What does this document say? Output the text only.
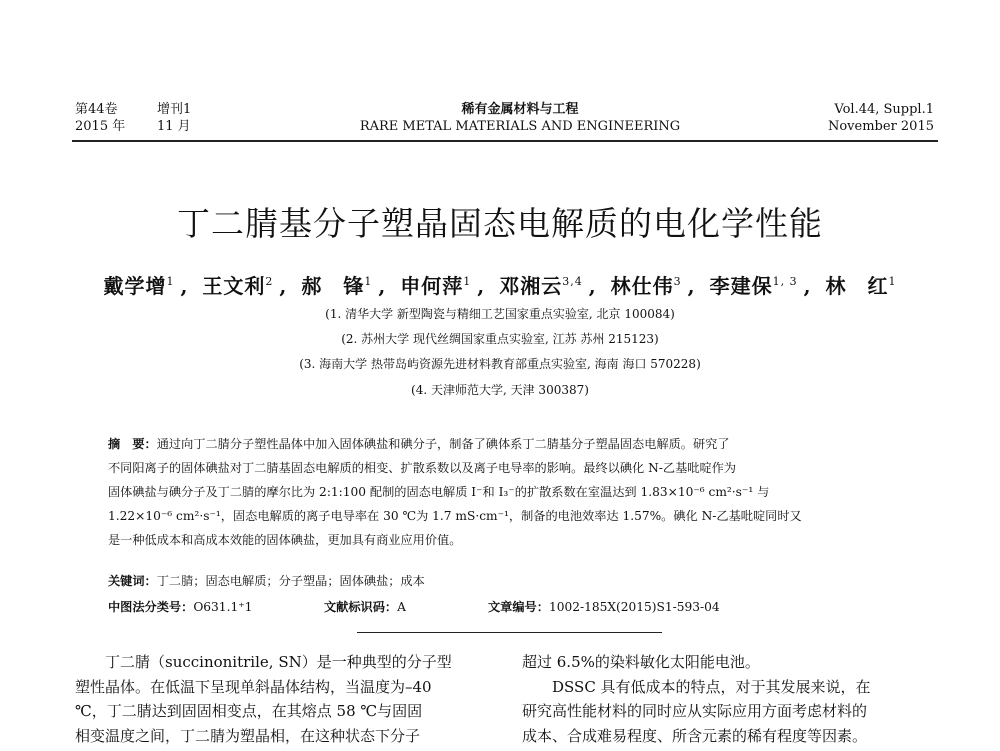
第44卷	增刊1
2015 年 11 月
稀有金属材料与工程
RARE METAL MATERIALS AND ENGINEERING
Vol.44, Suppl.1
November 2015
丁二腈基分子塑晶固态电解质的电化学性能
戴学增$^1$ , 王文利$^2$ , 郝　锋$^1$ , 申何萍$^1$ , 邓湘云$^{3,4}$ , 林仕伟$^3$ , 李建保$^{1, 3}$ , 林　红$^1$
(1. 清华大学 新型陶瓷与精细工艺国家重点实验室, 北京 100084)
(2. 苏州大学 现代丝绸国家重点实验室, 江苏 苏州 215123)
(3. 海南大学 热带岛屿资源先进材料教育部重点实验室, 海南 海口 570228)
(4. 天津师范大学, 天津 300387)

摘　要：通过向丁二腈分子塑性晶体中加入固体碘盐和碘分子，制备了碘体系丁二腈基分子塑晶固态电解质。研究了

不同阳离子的固体碘盐对丁二腈基固态电解质的相变、扩散系数以及离子电导率的影响。最终以碘化 N-乙基吡啶作为

固体碘盐与碘分子及丁二腈的摩尔比为 2:1:100 配制的固态电解质 I⁻和 I₃⁻的扩散系数在室温达到 1.83×10⁻⁶ cm²·s⁻¹ 与

1.22×10⁻⁶ cm²·s⁻¹，固态电解质的离子电导率在 30 ℃为 1.7 mS·cm⁻¹，制备的电池效率达 1.57%。碘化 N-乙基吡啶同时又

是一种低成本和高成本效能的固体碘盐，更加具有商业应用价值。

关键词：丁二腈；固态电解质；分子塑晶；固体碘盐；成本
中图法分类号：O631.1⁺1	文献标识码：A	文章编号：1002-185X(2015)S1-593-04

丁二腈（succinonitrile, SN）是一种典型的分子型

塑性晶体。在低温下呈现单斜晶体结构，当温度为–40

℃，丁二腈达到固固相变点，在其熔点 58 ℃与固固

相变温度之间，丁二腈为塑晶相，在这种状态下分子

超过 6.5%的染料敏化太阳能电池。

DSSC 具有低成本的特点，对于其发展来说，在

研究高性能材料的同时应从实际应用方面考虑材料的

成本、合成难易程度、所含元素的稀有程度等因素。
